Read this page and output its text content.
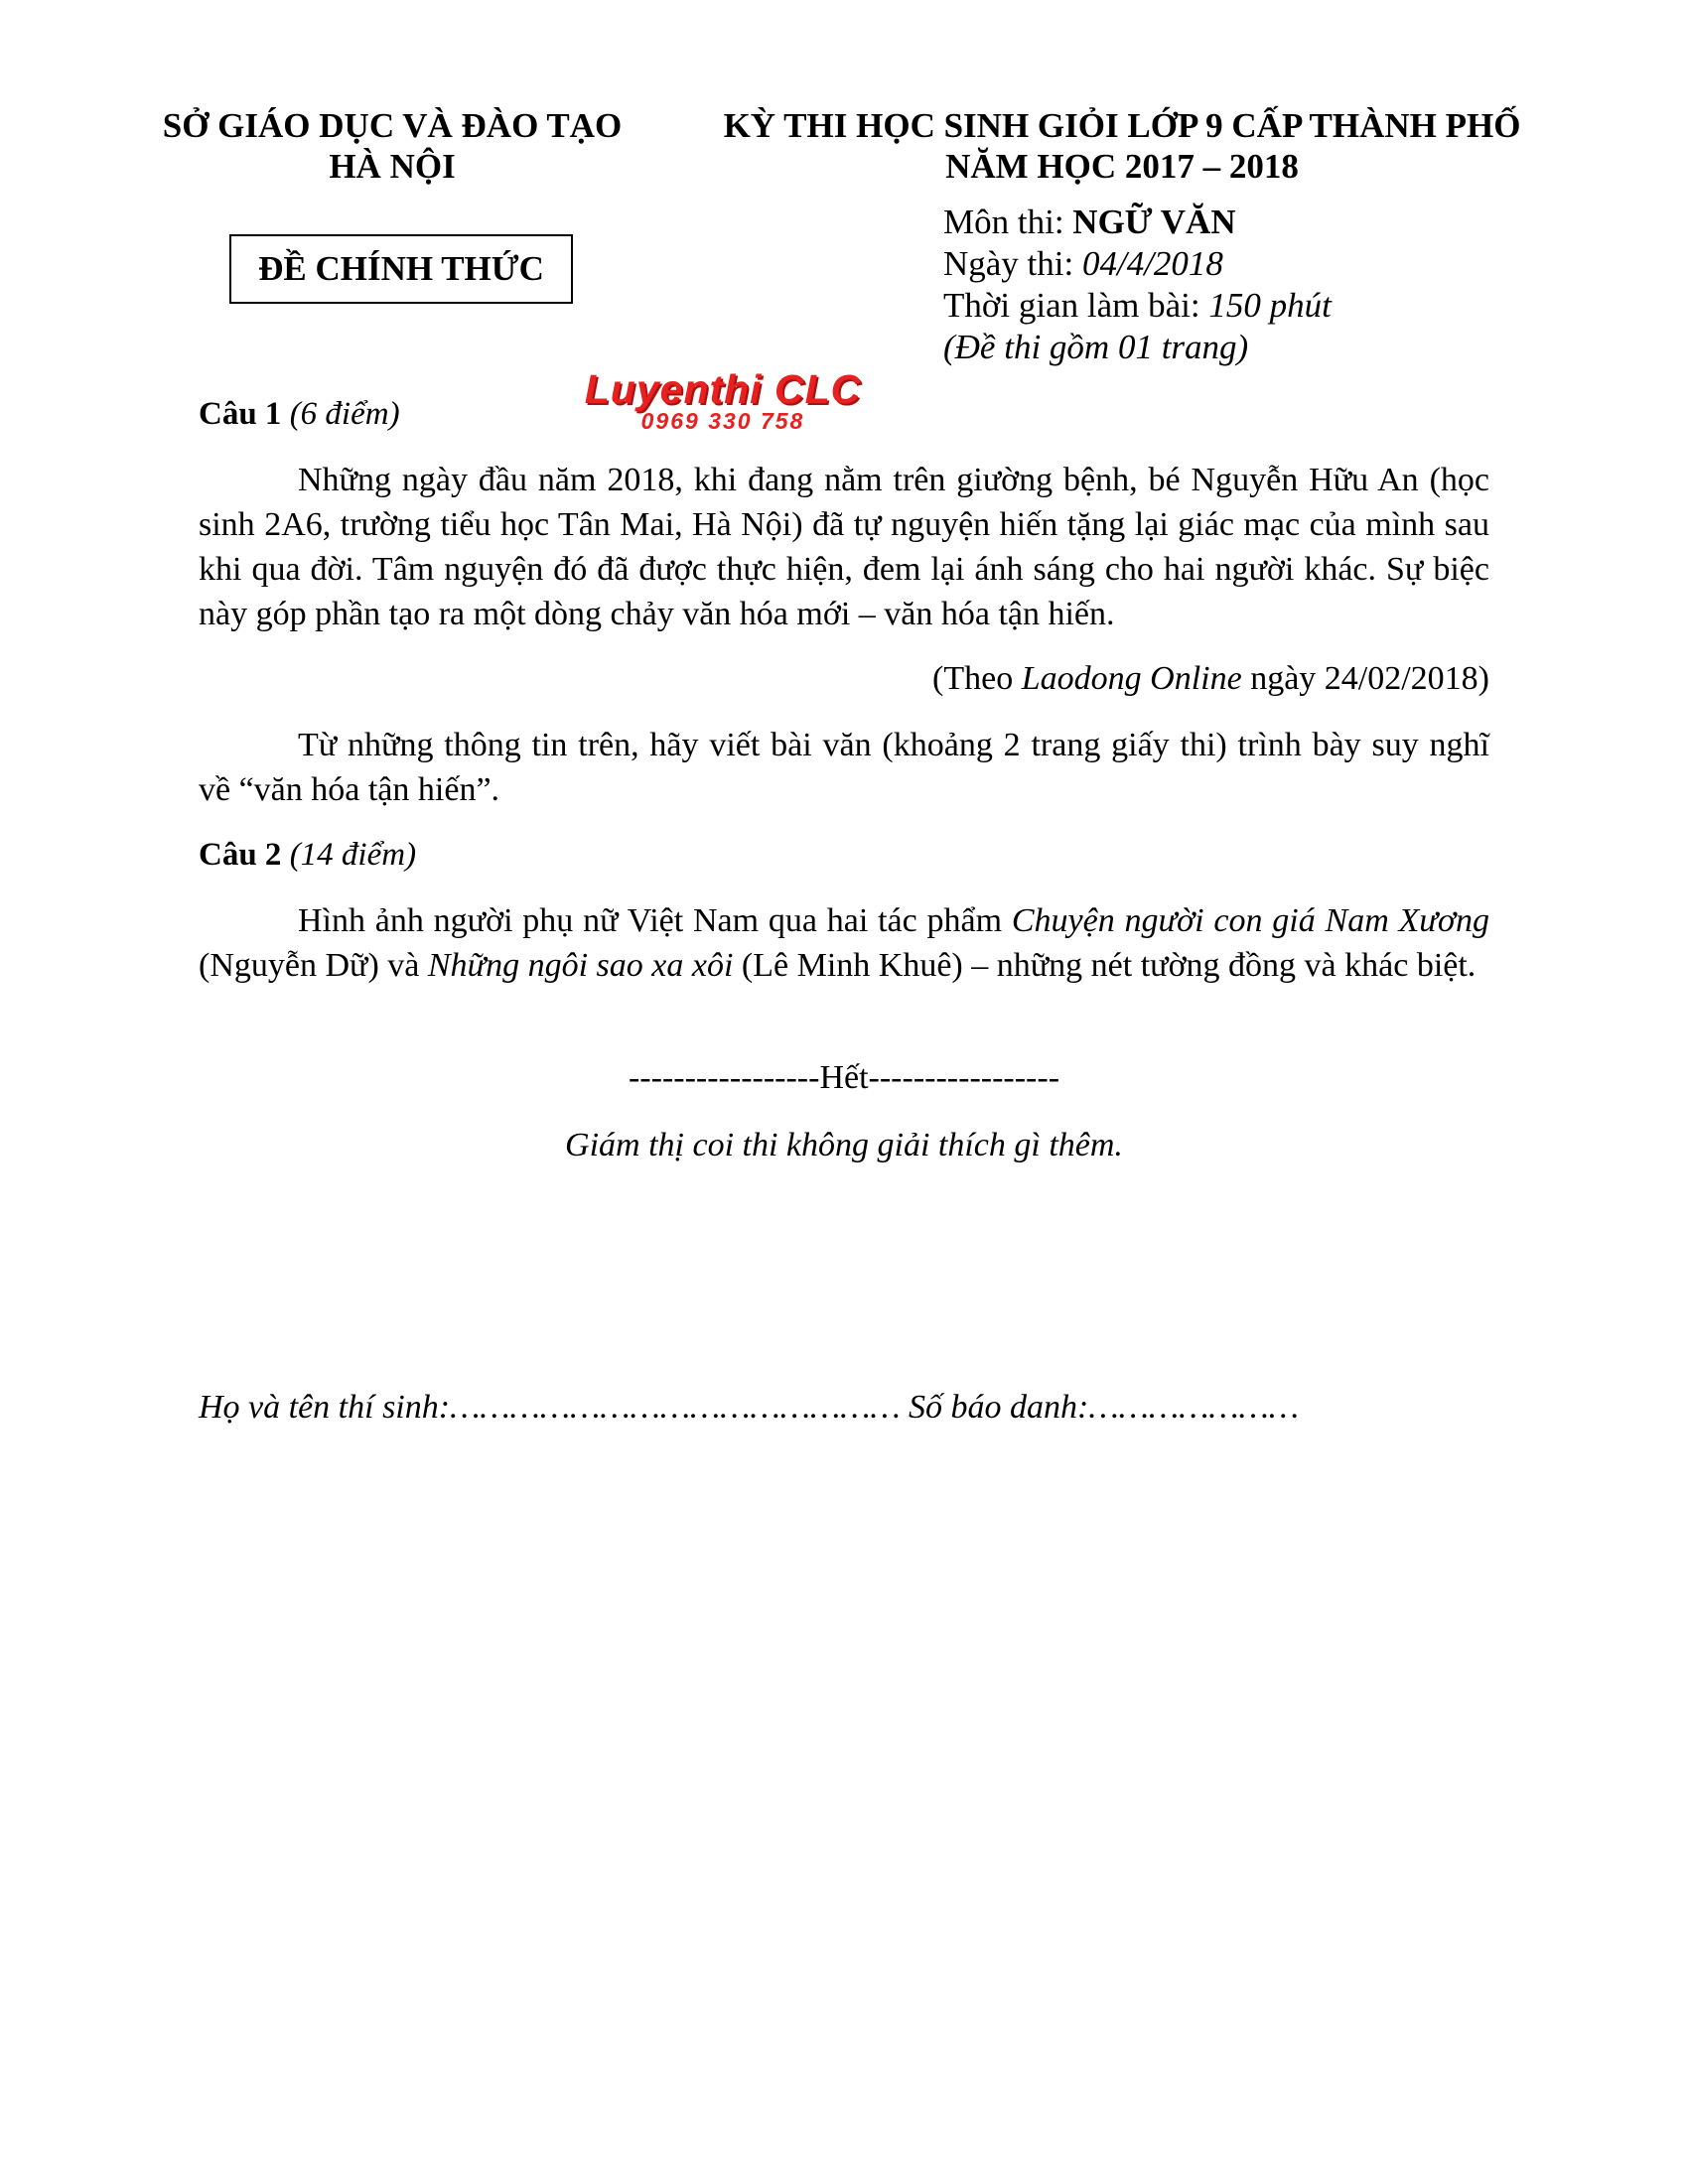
SỞ GIÁO DỤC VÀ ĐÀO TẠO
HÀ NỘI
ĐỀ CHÍNH THỨC
KỲ THI HỌC SINH GIỎI LỚP 9 CẤP THÀNH PHỐ
NĂM HỌC 2017 – 2018
Môn thi: NGỮ VĂN
Ngày thi: 04/4/2018
Thời gian làm bài: 150 phút
(Đề thi gồm 01 trang)
Luyenthi CLC
0969 330 758
Câu 1 (6 điểm)
Những ngày đầu năm 2018, khi đang nằm trên giường bệnh, bé Nguyễn Hữu An (học sinh 2A6, trường tiểu học Tân Mai, Hà Nội) đã tự nguyện hiến tặng lại giác mạc của mình sau khi qua đời. Tâm nguyện đó đã được thực hiện, đem lại ánh sáng cho hai người khác. Sự biệc này góp phần tạo ra một dòng chảy văn hóa mới – văn hóa tận hiến.
(Theo Laodong Online ngày 24/02/2018)
Từ những thông tin trên, hãy viết bài văn (khoảng 2 trang giấy thi) trình bày suy nghĩ về “văn hóa tận hiến”.
Câu 2 (14 điểm)
Hình ảnh người phụ nữ Việt Nam qua hai tác phẩm Chuyện người con giá Nam Xương (Nguyễn Dữ) và Những ngôi sao xa xôi (Lê Minh Khuê) – những nét tường đồng và khác biệt.
-----------------Hết-----------------
Giám thị coi thi không giải thích gì thêm.
Họ và tên thí sinh:……………………………………… Số báo danh:…………………
